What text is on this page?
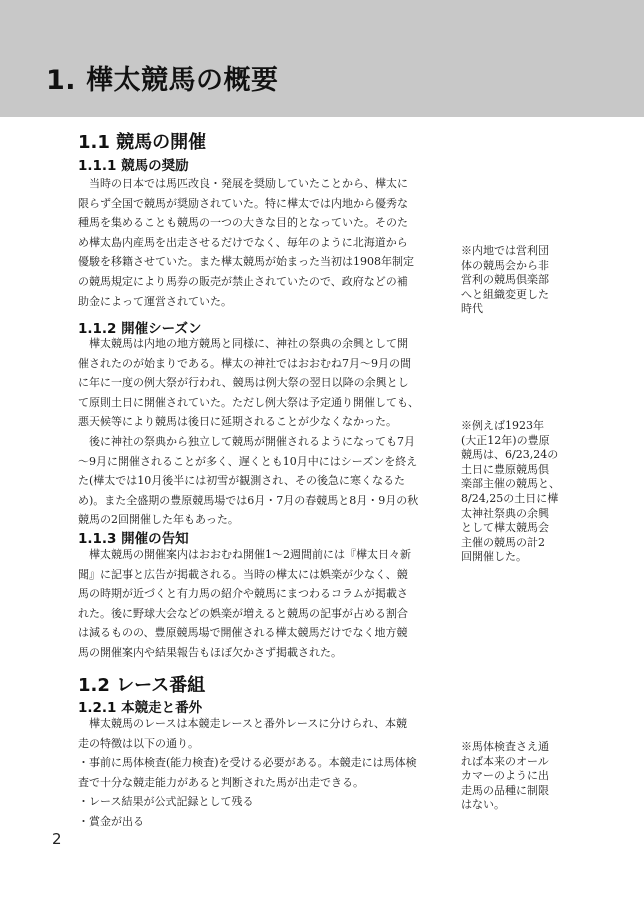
1. 樺太競馬の概要
1.1 競馬の開催
1.1.1 競馬の奨励
　当時の日本では馬匹改良・発展を奨励していたことから、樺太に
限らず全国で競馬が奨励されていた。特に樺太では内地から優秀な
種馬を集めることも競馬の一つの大きな目的となっていた。そのた
め樺太島内産馬を出走させるだけでなく、毎年のように北海道から
優駿を移籍させていた。また樺太競馬が始まった当初は1908年制定
の競馬規定により馬券の販売が禁止されていたので、政府などの補
助金によって運営されていた。
※内地では営利団
体の競馬会から非
営利の競馬倶楽部
へと組織変更した
時代
1.1.2 開催シーズン
　樺太競馬は内地の地方競馬と同様に、神社の祭典の余興として開
催されたのが始まりである。樺太の神社ではおおむね7月～9月の間
に年に一度の例大祭が行われ、競馬は例大祭の翌日以降の余興とし
て原則土日に開催されていた。ただし例大祭は予定通り開催しても、
悪天候等により競馬は後日に延期されることが少なくなかった。
　後に神社の祭典から独立して競馬が開催されるようになっても7月
～9月に開催されることが多く、遅くとも10月中にはシーズンを終え
た(樺太では10月後半には初雪が観測され、その後急に寒くなるた
め)。また全盛期の豊原競馬場では6月・7月の春競馬と8月・9月の秋
競馬の2回開催した年もあった。
※例えば1923年
(大正12年)の豊原
競馬は、6/23,24の
土日に豊原競馬倶
楽部主催の競馬と、
8/24,25の土日に樺
太神社祭典の余興
として樺太競馬会
主催の競馬の計2
回開催した。
1.1.3 開催の告知
　樺太競馬の開催案内はおおむね開催1～2週間前には『樺太日々新
聞』に記事と広告が掲載される。当時の樺太には娯楽が少なく、競
馬の時期が近づくと有力馬の紹介や競馬にまつわるコラムが掲載さ
れた。後に野球大会などの娯楽が増えると競馬の記事が占める割合
は減るものの、豊原競馬場で開催される樺太競馬だけでなく地方競
馬の開催案内や結果報告もほぼ欠かさず掲載された。
1.2 レース番組
1.2.1 本競走と番外
　樺太競馬のレースは本競走レースと番外レースに分けられ、本競
走の特徴は以下の通り。
・事前に馬体検査(能力検査)を受ける必要がある。本競走には馬体検
査で十分な競走能力があると判断された馬が出走できる。
・レース結果が公式記録として残る
・賞金が出る
※馬体検査さえ通
れば本来のオール
カマーのように出
走馬の品種に制限
はない。
2
